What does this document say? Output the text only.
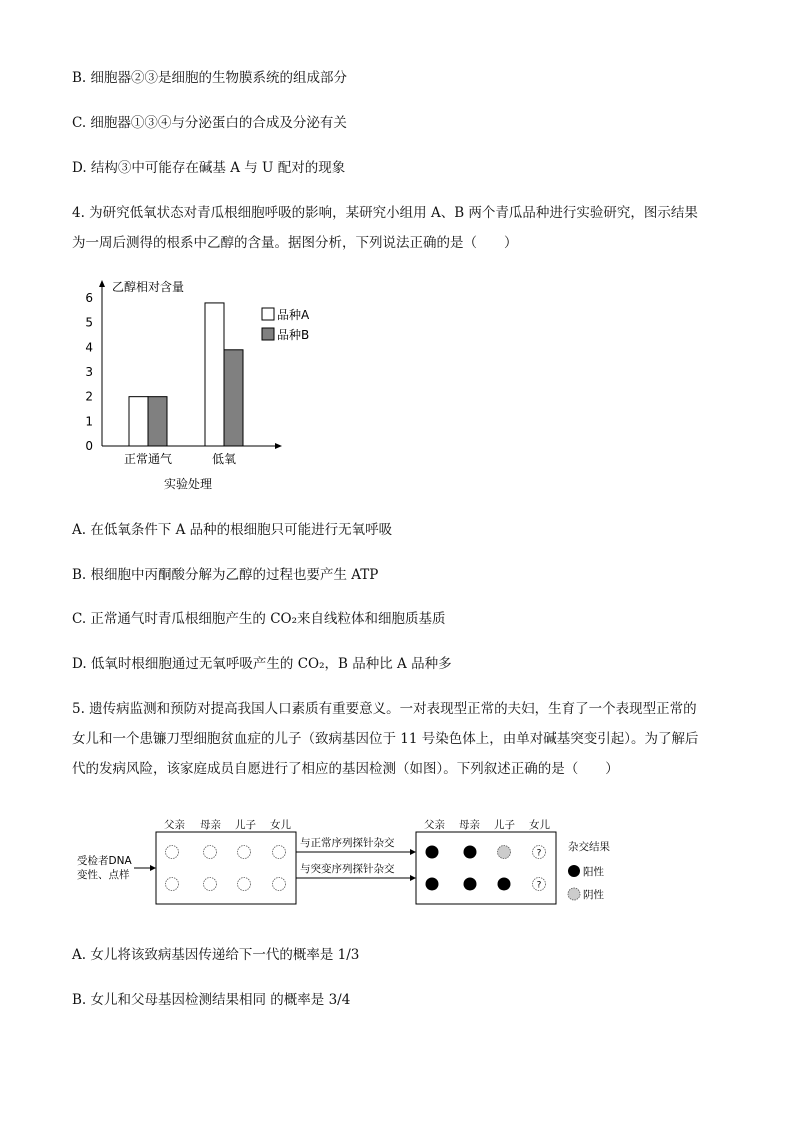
B. 细胞器②③是细胞的生物膜系统的组成部分
C. 细胞器①③④与分泌蛋白的合成及分泌有关
D. 结构③中可能存在碱基 A 与 U 配对的现象
4. 为研究低氧状态对青瓜根细胞呼吸的影响，某研究小组用 A、B 两个青瓜品种进行实验研究，图示结果
为一周后测得的根系中乙醇的含量。据图分析，下列说法正确的是（　　）
乙醇相对含量
0
1
2
3
4
5
6
正常通气	低氧
实验处理
品种A
品种B
A. 在低氧条件下 A 品种的根细胞只可能进行无氧呼吸
B. 根细胞中丙酮酸分解为乙醇的过程也要产生 ATP
C. 正常通气时青瓜根细胞产生的 CO₂来自线粒体和细胞质基质
D. 低氧时根细胞通过无氧呼吸产生的 CO₂，B 品种比 A 品种多
5. 遗传病监测和预防对提高我国人口素质有重要意义。一对表现型正常的夫妇，生育了一个表现型正常的
女儿和一个患镰刀型细胞贫血症的儿子（致病基因位于 11 号染色体上，由单对碱基突变引起）。为了解后
代的发病风险，该家庭成员自愿进行了相应的基因检测（如图）。下列叙述正确的是（　　）
受检者DNA
变性、点样
父亲 母亲 儿子 女儿
与正常序列探针杂交
与突变序列探针杂交
父亲 母亲 儿子 女儿
?
?
杂交结果
阳性
阴性
A. 女儿将该致病基因传递给下一代的概率是 1/3
B. 女儿和父母基因检测结果相同 的概率是 3/4
